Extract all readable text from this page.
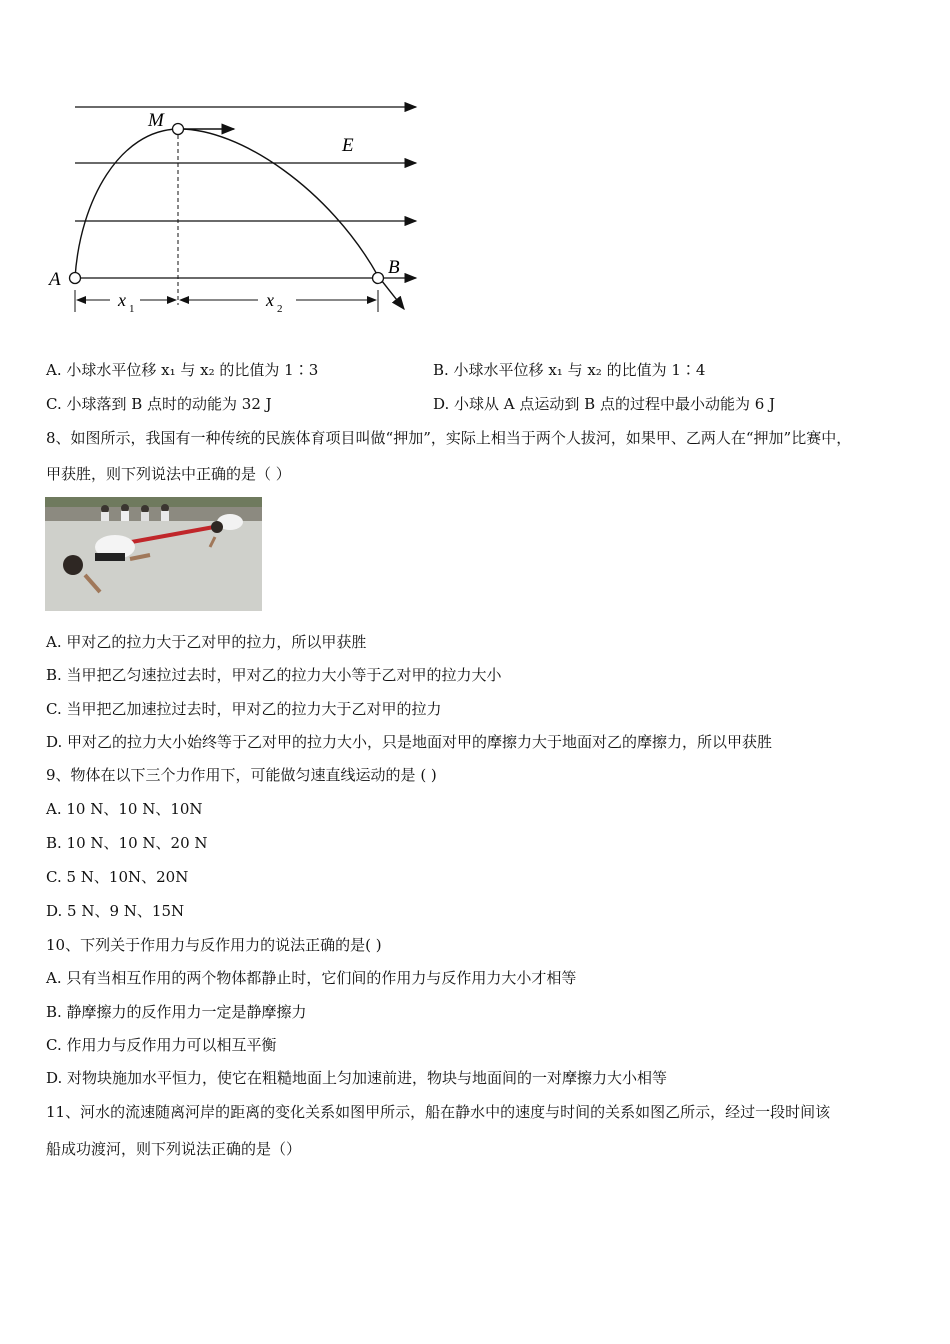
M
E
A
B
x 1	x 2
A. 小球水平位移 x₁ 与 x₂ 的比值为 1∶3	B. 小球水平位移 x₁ 与 x₂ 的比值为 1∶4
C. 小球落到 B 点时的动能为 32 J	D. 小球从 A 点运动到 B 点的过程中最小动能为 6 J
8、如图所示，我国有一种传统的民族体育项目叫做“押加”，实际上相当于两个人拔河，如果甲、乙两人在“押加”比赛中，
甲获胜，则下列说法中正确的是（ ）
A. 甲对乙的拉力大于乙对甲的拉力，所以甲获胜
B. 当甲把乙匀速拉过去时，甲对乙的拉力大小等于乙对甲的拉力大小
C. 当甲把乙加速拉过去时，甲对乙的拉力大于乙对甲的拉力
D. 甲对乙的拉力大小始终等于乙对甲的拉力大小，只是地面对甲的摩擦力大于地面对乙的摩擦力，所以甲获胜
9、物体在以下三个力作用下，可能做匀速直线运动的是 ( )
A. 10 N、10 N、10N
B. 10 N、10 N、20 N
C. 5 N、10N、20N
D. 5 N、9 N、15N
10、下列关于作用力与反作用力的说法正确的是( )
A. 只有当相互作用的两个物体都静止时，它们间的作用力与反作用力大小才相等
B. 静摩擦力的反作用力一定是静摩擦力
C. 作用力与反作用力可以相互平衡
D. 对物块施加水平恒力，使它在粗糙地面上匀加速前进，物块与地面间的一对摩擦力大小相等
11、河水的流速随离河岸的距离的变化关系如图甲所示，船在静水中的速度与时间的关系如图乙所示，经过一段时间该
船成功渡河，则下列说法正确的是（）
